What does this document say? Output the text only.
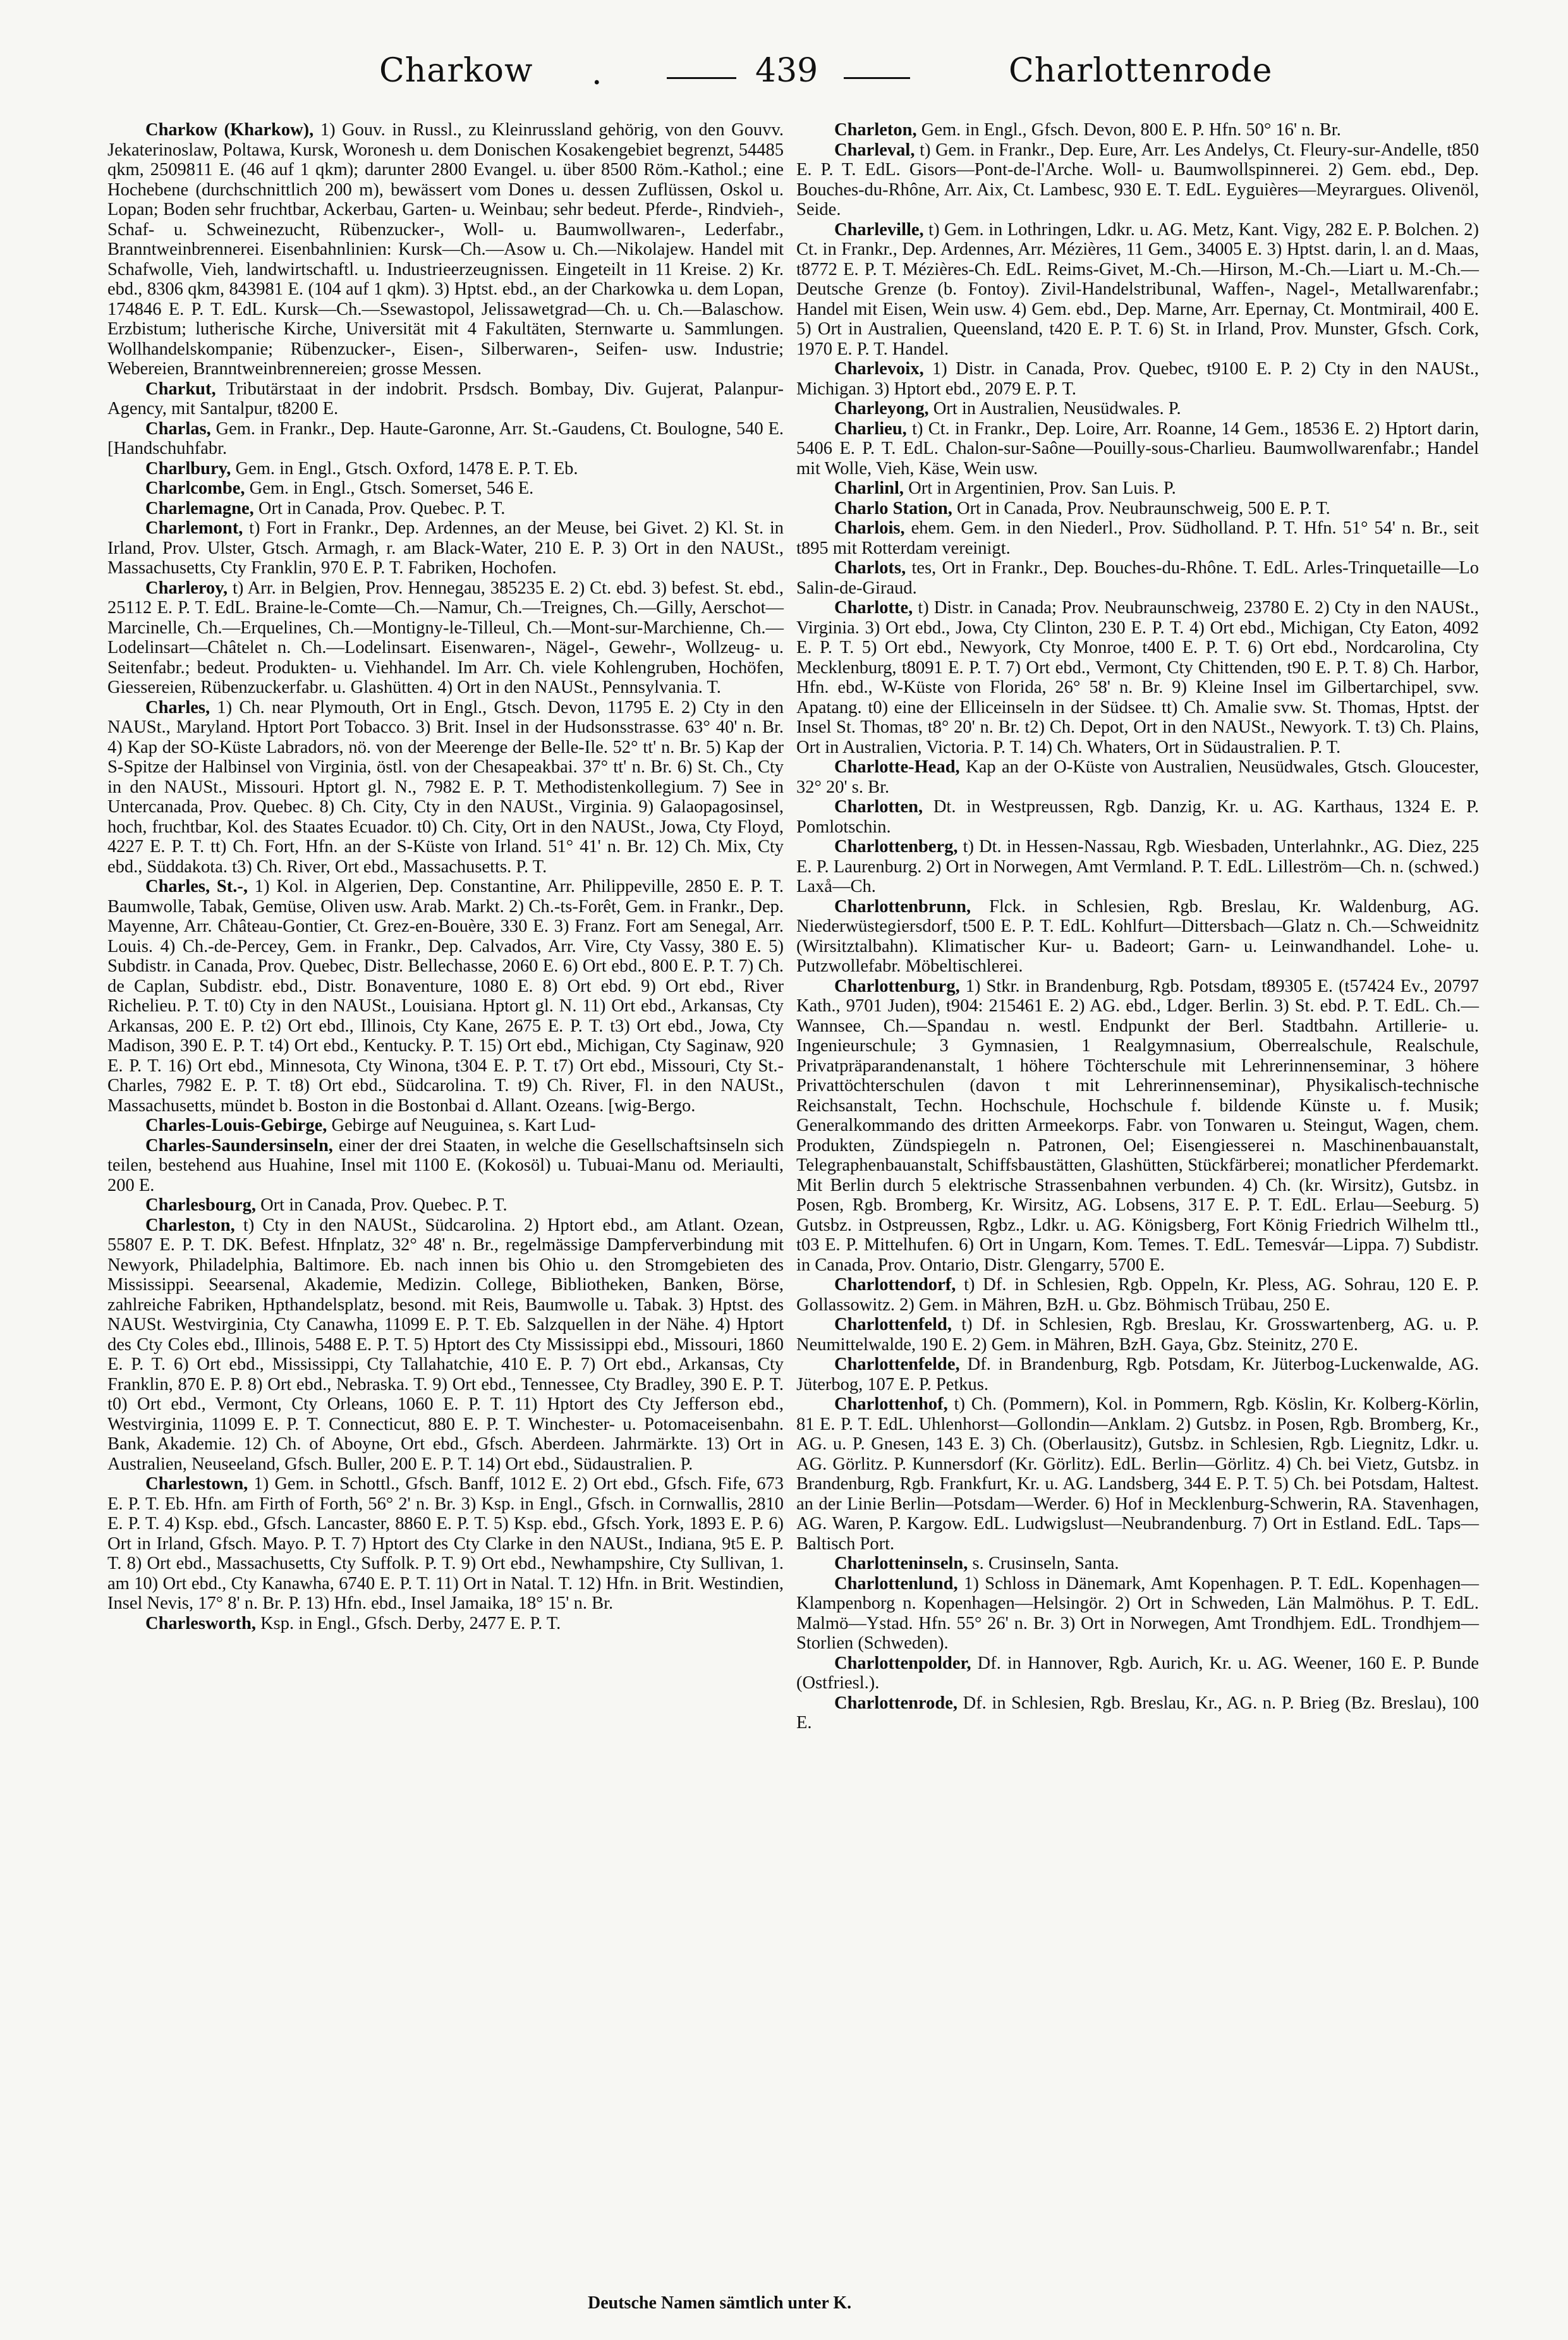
Charkow .	439	Charlottenrode

Charkow (Kharkow), 1) Gouv. in Russl., zu Kleinrussland gehörig, von den Gouvv. Jekaterinoslaw, Poltawa, Kursk, Woronesh u. dem Donischen Kosakengebiet begrenzt, 54485 qkm, 2509811 E. (46 auf 1 qkm); darunter 2800 Evangel. u. über 8500 Röm.-Kathol.; eine Hochebene (durchschnittlich 200 m), bewässert vom Dones u. dessen Zuflüssen, Oskol u. Lopan; Boden sehr fruchtbar, Ackerbau, Garten- u. Weinbau; sehr bedeut. Pferde-, Rindvieh-, Schaf- u. Schweinezucht, Rübenzucker-, Woll- u. Baumwollwaren-, Lederfabr., Branntweinbrennerei. Eisenbahnlinien: Kursk—Ch.—Asow u. Ch.—Nikolajew. Handel mit Schafwolle, Vieh, landwirtschaftl. u. Industrieerzeugnissen. Eingeteilt in 11 Kreise. 2) Kr. ebd., 8306 qkm, 843981 E. (104 auf 1 qkm). 3) Hptst. ebd., an der Charkowka u. dem Lopan, 174846 E. P. T. EdL. Kursk—Ch.—Ssewastopol, Jelissawetgrad—Ch. u. Ch.—Balaschow. Erzbistum; lutherische Kirche, Universität mit 4 Fakultäten, Sternwarte u. Sammlungen. Wollhandelskompanie; Rübenzucker-, Eisen-, Silberwaren-, Seifen- usw. Industrie; Webereien, Branntweinbrennereien; grosse Messen.

Charkut, Tributärstaat in der indobrit. Prsdsch. Bombay, Div. Gujerat, Palanpur-Agency, mit Santalpur, t8200 E.

Charlas, Gem. in Frankr., Dep. Haute-Garonne, Arr. St.-Gaudens, Ct. Boulogne, 540 E. [Handschuhfabr.

Charlbury, Gem. in Engl., Gtsch. Oxford, 1478 E. P. T. Eb.

Charlcombe, Gem. in Engl., Gtsch. Somerset, 546 E.

Charlemagne, Ort in Canada, Prov. Quebec. P. T.

Charlemont, t) Fort in Frankr., Dep. Ardennes, an der Meuse, bei Givet. 2) Kl. St. in Irland, Prov. Ulster, Gtsch. Armagh, r. am Black-Water, 210 E. P. 3) Ort in den NAUSt., Massachusetts, Cty Franklin, 970 E. P. T. Fabriken, Hochofen.

Charleroy, t) Arr. in Belgien, Prov. Hennegau, 385235 E. 2) Ct. ebd. 3) befest. St. ebd., 25112 E. P. T. EdL. Braine-le-Comte—Ch.—Namur, Ch.—Treignes, Ch.—Gilly, Aerschot—Marcinelle, Ch.—Erquelines, Ch.—Montigny-le-Tilleul, Ch.—Mont-sur-Marchienne, Ch.—Lodelinsart—Châtelet n. Ch.—Lodelinsart. Eisenwaren-, Nägel-, Gewehr-, Wollzeug- u. Seitenfabr.; bedeut. Produkten- u. Viehhandel. Im Arr. Ch. viele Kohlengruben, Hochöfen, Giessereien, Rübenzuckerfabr. u. Glashütten. 4) Ort in den NAUSt., Pennsylvania. T.

Charles, 1) Ch. near Plymouth, Ort in Engl., Gtsch. Devon, 11795 E. 2) Cty in den NAUSt., Maryland. Hptort Port Tobacco. 3) Brit. Insel in der Hudsonsstrasse. 63° 40' n. Br. 4) Kap der SO-Küste Labradors, nö. von der Meerenge der Belle-Ile. 52° tt' n. Br. 5) Kap der S-Spitze der Halbinsel von Virginia, östl. von der Chesapeakbai. 37° tt' n. Br. 6) St. Ch., Cty in den NAUSt., Missouri. Hptort gl. N., 7982 E. P. T. Methodistenkollegium. 7) See in Untercanada, Prov. Quebec. 8) Ch. City, Cty in den NAUSt., Virginia. 9) Galaopagosinsel, hoch, fruchtbar, Kol. des Staates Ecuador. t0) Ch. City, Ort in den NAUSt., Jowa, Cty Floyd, 4227 E. P. T. tt) Ch. Fort, Hfn. an der S-Küste von Irland. 51° 41' n. Br. 12) Ch. Mix, Cty ebd., Süddakota. t3) Ch. River, Ort ebd., Massachusetts. P. T.

Charles, St.-, 1) Kol. in Algerien, Dep. Constantine, Arr. Philippeville, 2850 E. P. T. Baumwolle, Tabak, Gemüse, Oliven usw. Arab. Markt. 2) Ch.-ts-Forêt, Gem. in Frankr., Dep. Mayenne, Arr. Château-Gontier, Ct. Grez-en-Bouère, 330 E. 3) Franz. Fort am Senegal, Arr. Louis. 4) Ch.-de-Percey, Gem. in Frankr., Dep. Calvados, Arr. Vire, Cty Vassy, 380 E. 5) Subdistr. in Canada, Prov. Quebec, Distr. Bellechasse, 2060 E. 6) Ort ebd., 800 E. P. T. 7) Ch. de Caplan, Subdistr. ebd., Distr. Bonaventure, 1080 E. 8) Ort ebd. 9) Ort ebd., River Richelieu. P. T. t0) Cty in den NAUSt., Louisiana. Hptort gl. N. 11) Ort ebd., Arkansas, Cty Arkansas, 200 E. P. t2) Ort ebd., Illinois, Cty Kane, 2675 E. P. T. t3) Ort ebd., Jowa, Cty Madison, 390 E. P. T. t4) Ort ebd., Kentucky. P. T. 15) Ort ebd., Michigan, Cty Saginaw, 920 E. P. T. 16) Ort ebd., Minnesota, Cty Winona, t304 E. P. T. t7) Ort ebd., Missouri, Cty St.-Charles, 7982 E. P. T. t8) Ort ebd., Südcarolina. T. t9) Ch. River, Fl. in den NAUSt., Massachusetts, mündet b. Boston in die Bostonbai d. Allant. Ozeans. [wig-Bergo.

Charles-Louis-Gebirge, Gebirge auf Neuguinea, s. Kart Lud-

Charles-Saundersinseln, einer der drei Staaten, in welche die Gesellschaftsinseln sich teilen, bestehend aus Huahine, Insel mit 1100 E. (Kokosöl) u. Tubuai-Manu od. Meriaulti, 200 E.

Charlesbourg, Ort in Canada, Prov. Quebec. P. T.

Charleston, t) Cty in den NAUSt., Südcarolina. 2) Hptort ebd., am Atlant. Ozean, 55807 E. P. T. DK. Befest. Hfnplatz, 32° 48' n. Br., regelmässige Dampferverbindung mit Newyork, Philadelphia, Baltimore. Eb. nach innen bis Ohio u. den Stromgebieten des Mississippi. Seearsenal, Akademie, Medizin. College, Bibliotheken, Banken, Börse, zahlreiche Fabriken, Hpthandelsplatz, besond. mit Reis, Baumwolle u. Tabak. 3) Hptst. des NAUSt. Westvirginia, Cty Canawha, 11099 E. P. T. Eb. Salzquellen in der Nähe. 4) Hptort des Cty Coles ebd., Illinois, 5488 E. P. T. 5) Hptort des Cty Mississippi ebd., Missouri, 1860 E. P. T. 6) Ort ebd., Mississippi, Cty Tallahatchie, 410 E. P. 7) Ort ebd., Arkansas, Cty Franklin, 870 E. P. 8) Ort ebd., Nebraska. T. 9) Ort ebd., Tennessee, Cty Bradley, 390 E. P. T. t0) Ort ebd., Vermont, Cty Orleans, 1060 E. P. T. 11) Hptort des Cty Jefferson ebd., Westvirginia, 11099 E. P. T. Connecticut, 880 E. P. T. Winchester- u. Potomaceisenbahn. Bank, Akademie. 12) Ch. of Aboyne, Ort ebd., Gfsch. Aberdeen. Jahrmärkte. 13) Ort in Australien, Neuseeland, Gfsch. Buller, 200 E. P. T. 14) Ort ebd., Südaustralien. P.

Charlestown, 1) Gem. in Schottl., Gfsch. Banff, 1012 E. 2) Ort ebd., Gfsch. Fife, 673 E. P. T. Eb. Hfn. am Firth of Forth, 56° 2' n. Br. 3) Ksp. in Engl., Gfsch. in Cornwallis, 2810 E. P. T. 4) Ksp. ebd., Gfsch. Lancaster, 8860 E. P. T. 5) Ksp. ebd., Gfsch. York, 1893 E. P. 6) Ort in Irland, Gfsch. Mayo. P. T. 7) Hptort des Cty Clarke in den NAUSt., Indiana, 9t5 E. P. T. 8) Ort ebd., Massachusetts, Cty Suffolk. P. T. 9) Ort ebd., Newhampshire, Cty Sullivan, 1. am 10) Ort ebd., Cty Kanawha, 6740 E. P. T. 11) Ort in Natal. T. 12) Hfn. in Brit. Westindien, Insel Nevis, 17° 8' n. Br. P. 13) Hfn. ebd., Insel Jamaika, 18° 15' n. Br.

Charlesworth, Ksp. in Engl., Gfsch. Derby, 2477 E. P. T.

Charleton, Gem. in Engl., Gfsch. Devon, 800 E. P. Hfn. 50° 16' n. Br.

Charleval, t) Gem. in Frankr., Dep. Eure, Arr. Les Andelys, Ct. Fleury-sur-Andelle, t850 E. P. T. EdL. Gisors—Pont-de-l'Arche. Woll- u. Baumwollspinnerei. 2) Gem. ebd., Dep. Bouches-du-Rhône, Arr. Aix, Ct. Lambesc, 930 E. T. EdL. Eyguières—Meyrargues. Olivenöl, Seide.

Charleville, t) Gem. in Lothringen, Ldkr. u. AG. Metz, Kant. Vigy, 282 E. P. Bolchen. 2) Ct. in Frankr., Dep. Ardennes, Arr. Mézières, 11 Gem., 34005 E. 3) Hptst. darin, l. an d. Maas, t8772 E. P. T. Mézières-Ch. EdL. Reims-Givet, M.-Ch.—Hirson, M.-Ch.—Liart u. M.-Ch.—Deutsche Grenze (b. Fontoy). Zivil-Handelstribunal, Waffen-, Nagel-, Metallwarenfabr.; Handel mit Eisen, Wein usw. 4) Gem. ebd., Dep. Marne, Arr. Epernay, Ct. Montmirail, 400 E. 5) Ort in Australien, Queensland, t420 E. P. T. 6) St. in Irland, Prov. Munster, Gfsch. Cork, 1970 E. P. T. Handel.

Charlevoix, 1) Distr. in Canada, Prov. Quebec, t9100 E. P. 2) Cty in den NAUSt., Michigan. 3) Hptort ebd., 2079 E. P. T.

Charleyong, Ort in Australien, Neusüdwales. P.

Charlieu, t) Ct. in Frankr., Dep. Loire, Arr. Roanne, 14 Gem., 18536 E. 2) Hptort darin, 5406 E. P. T. EdL. Chalon-sur-Saône—Pouilly-sous-Charlieu. Baumwollwarenfabr.; Handel mit Wolle, Vieh, Käse, Wein usw.

Charlinl, Ort in Argentinien, Prov. San Luis. P.

Charlo Station, Ort in Canada, Prov. Neubraunschweig, 500 E. P. T.

Charlois, ehem. Gem. in den Niederl., Prov. Südholland. P. T. Hfn. 51° 54' n. Br., seit t895 mit Rotterdam vereinigt.

Charlots, tes, Ort in Frankr., Dep. Bouches-du-Rhône. T. EdL. Arles-Trinquetaille—Lo Salin-de-Giraud.

Charlotte, t) Distr. in Canada; Prov. Neubraunschweig, 23780 E. 2) Cty in den NAUSt., Virginia. 3) Ort ebd., Jowa, Cty Clinton, 230 E. P. T. 4) Ort ebd., Michigan, Cty Eaton, 4092 E. P. T. 5) Ort ebd., Newyork, Cty Monroe, t400 E. P. T. 6) Ort ebd., Nordcarolina, Cty Mecklenburg, t8091 E. P. T. 7) Ort ebd., Vermont, Cty Chittenden, t90 E. P. T. 8) Ch. Harbor, Hfn. ebd., W-Küste von Florida, 26° 58' n. Br. 9) Kleine Insel im Gilbertarchipel, svw. Apatang. t0) eine der Elliceinseln in der Südsee. tt) Ch. Amalie svw. St. Thomas, Hptst. der Insel St. Thomas, t8° 20' n. Br. t2) Ch. Depot, Ort in den NAUSt., Newyork. T. t3) Ch. Plains, Ort in Australien, Victoria. P. T. 14) Ch. Whaters, Ort in Südaustralien. P. T.

Charlotte-Head, Kap an der O-Küste von Australien, Neusüdwales, Gtsch. Gloucester, 32° 20' s. Br.

Charlotten, Dt. in Westpreussen, Rgb. Danzig, Kr. u. AG. Karthaus, 1324 E. P. Pomlotschin.

Charlottenberg, t) Dt. in Hessen-Nassau, Rgb. Wiesbaden, Unterlahnkr., AG. Diez, 225 E. P. Laurenburg. 2) Ort in Norwegen, Amt Vermland. P. T. EdL. Lilleström—Ch. n. (schwed.) Laxå—Ch.

Charlottenbrunn, Flck. in Schlesien, Rgb. Breslau, Kr. Waldenburg, AG. Niederwüstegiersdorf, t500 E. P. T. EdL. Kohlfurt—Dittersbach—Glatz n. Ch.—Schweidnitz (Wirsitztalbahn). Klimatischer Kur- u. Badeort; Garn- u. Leinwandhandel. Lohe- u. Putzwollefabr. Möbeltischlerei.

Charlottenburg, 1) Stkr. in Brandenburg, Rgb. Potsdam, t89305 E. (t57424 Ev., 20797 Kath., 9701 Juden), t904: 215461 E. 2) AG. ebd., Ldger. Berlin. 3) St. ebd. P. T. EdL. Ch.—Wannsee, Ch.—Spandau n. westl. Endpunkt der Berl. Stadtbahn. Artillerie- u. Ingenieurschule; 3 Gymnasien, 1 Realgymnasium, Oberrealschule, Realschule, Privatpräparandenanstalt, 1 höhere Töchterschule mit Lehrerinnenseminar, 3 höhere Privattöchterschulen (davon t mit Lehrerinnenseminar), Physikalisch-technische Reichsanstalt, Techn. Hochschule, Hochschule f. bildende Künste u. f. Musik; Generalkommando des dritten Armeekorps. Fabr. von Tonwaren u. Steingut, Wagen, chem. Produkten, Zündspiegeln n. Patronen, Oel; Eisengiesserei n. Maschinenbauanstalt, Telegraphenbauanstalt, Schiffsbaustätten, Glashütten, Stückfärberei; monatlicher Pferdemarkt. Mit Berlin durch 5 elektrische Strassenbahnen verbunden. 4) Ch. (kr. Wirsitz), Gutsbz. in Posen, Rgb. Bromberg, Kr. Wirsitz, AG. Lobsens, 317 E. P. T. EdL. Erlau—Seeburg. 5) Gutsbz. in Ostpreussen, Rgbz., Ldkr. u. AG. Königsberg, Fort König Friedrich Wilhelm ttl., t03 E. P. Mittelhufen. 6) Ort in Ungarn, Kom. Temes. T. EdL. Temesvár—Lippa. 7) Subdistr. in Canada, Prov. Ontario, Distr. Glengarry, 5700 E.

Charlottendorf, t) Df. in Schlesien, Rgb. Oppeln, Kr. Pless, AG. Sohrau, 120 E. P. Gollassowitz. 2) Gem. in Mähren, BzH. u. Gbz. Böhmisch Trübau, 250 E.

Charlottenfeld, t) Df. in Schlesien, Rgb. Breslau, Kr. Grosswartenberg, AG. u. P. Neumittelwalde, 190 E. 2) Gem. in Mähren, BzH. Gaya, Gbz. Steinitz, 270 E.

Charlottenfelde, Df. in Brandenburg, Rgb. Potsdam, Kr. Jüterbog-Luckenwalde, AG. Jüterbog, 107 E. P. Petkus.

Charlottenhof, t) Ch. (Pommern), Kol. in Pommern, Rgb. Köslin, Kr. Kolberg-Körlin, 81 E. P. T. EdL. Uhlenhorst—Gollondin—Anklam. 2) Gutsbz. in Posen, Rgb. Bromberg, Kr., AG. u. P. Gnesen, 143 E. 3) Ch. (Oberlausitz), Gutsbz. in Schlesien, Rgb. Liegnitz, Ldkr. u. AG. Görlitz. P. Kunnersdorf (Kr. Görlitz). EdL. Berlin—Görlitz. 4) Ch. bei Vietz, Gutsbz. in Brandenburg, Rgb. Frankfurt, Kr. u. AG. Landsberg, 344 E. P. T. 5) Ch. bei Potsdam, Haltest. an der Linie Berlin—Potsdam—Werder. 6) Hof in Mecklenburg-Schwerin, RA. Stavenhagen, AG. Waren, P. Kargow. EdL. Ludwigslust—Neubrandenburg. 7) Ort in Estland. EdL. Taps—Baltisch Port.

Charlotteninseln, s. Crusinseln, Santa.

Charlottenlund, 1) Schloss in Dänemark, Amt Kopenhagen. P. T. EdL. Kopenhagen—Klampenborg n. Kopenhagen—Helsingör. 2) Ort in Schweden, Län Malmöhus. P. T. EdL. Malmö—Ystad. Hfn. 55° 26' n. Br. 3) Ort in Norwegen, Amt Trondhjem. EdL. Trondhjem—Storlien (Schweden).

Charlottenpolder, Df. in Hannover, Rgb. Aurich, Kr. u. AG. Weener, 160 E. P. Bunde (Ostfriesl.).

Charlottenrode, Df. in Schlesien, Rgb. Breslau, Kr., AG. n. P. Brieg (Bz. Breslau), 100 E.

Deutsche Namen sämtlich unter K.
